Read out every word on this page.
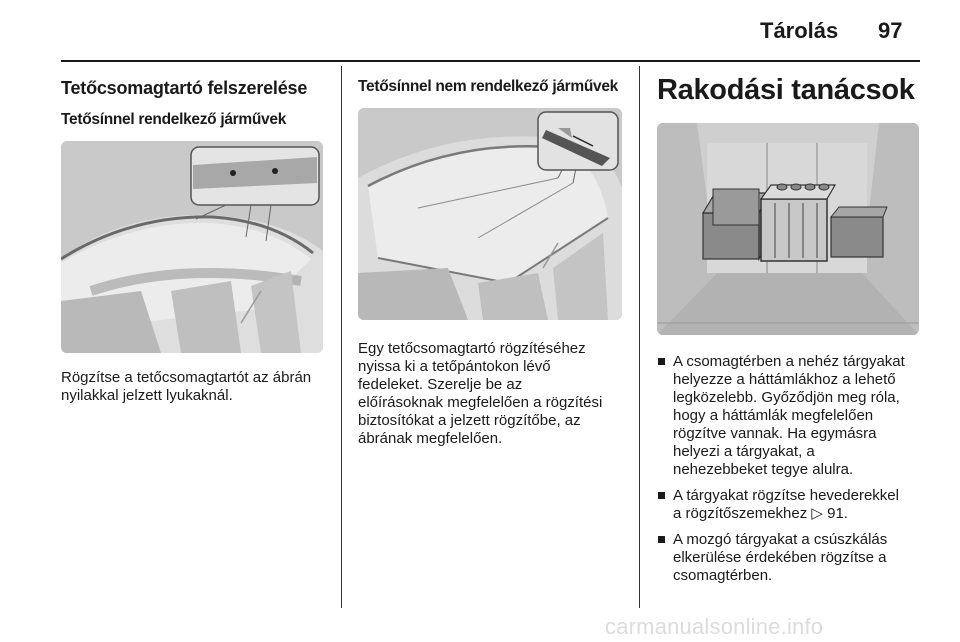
Tárolás 97
Tetőcsomagtartó felszerelése
Tetősínnel rendelkező járművek

Rögzítse a tetőcsomagtartót az ábrán
nyilakkal jelzett lyukaknál.

Tetősínnel nem rendelkező járművek

Egy tetőcsomagtartó rögzítéséhez
nyissa ki a tetőpántokon lévő
fedeleket. Szerelje be az
előírásoknak megfelelően a rögzítési
biztosítókat a jelzett rögzítőbe, az
ábrának megfelelően.

Rakodási tanácsok
A csomagtérben a nehéz tárgyakat
helyezze a háttámlákhoz a lehető
legközelebb. Győződjön meg róla,
hogy a háttámlák megfelelően
rögzítve vannak. Ha egymásra
helyezi a tárgyakat, a
nehezebbeket tegye alulra.
A tárgyakat rögzítse hevederekkel
a rögzítőszemekhez ▷ 91.
A mozgó tárgyakat a csúszkálás
elkerülése érdekében rögzítse a
csomagtérben.
carmanualsonline.info
